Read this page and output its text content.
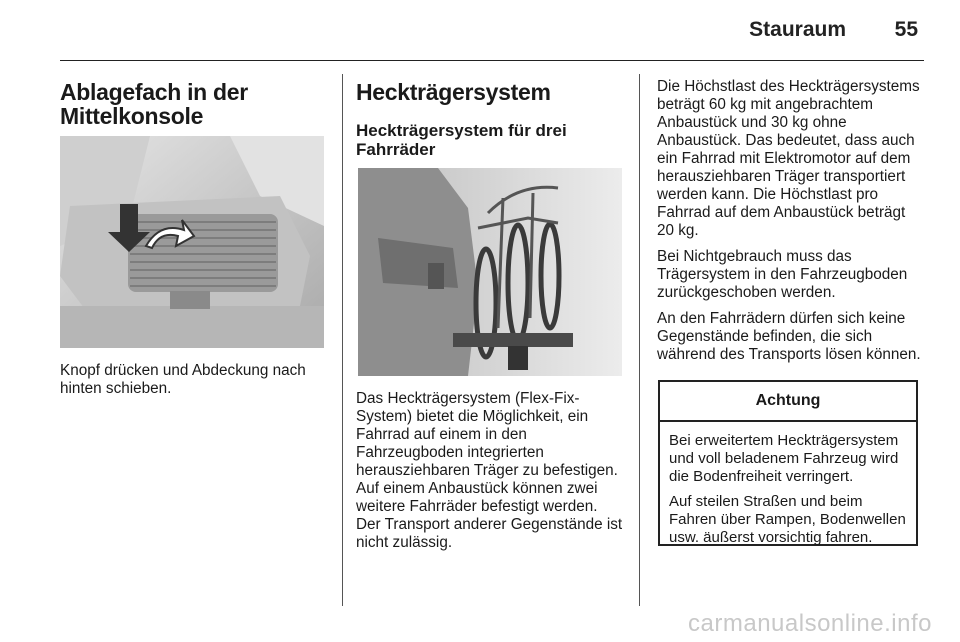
Stauraum 55
Ablagefach in der
Mittelkonsole

Knopf drücken und Abdeckung nach hinten schieben.

Heckträgersystem
Heckträgersystem für drei
Fahrräder

Das Heckträgersystem (Flex-Fix-System) bietet die Möglichkeit, ein Fahrrad auf einem in den Fahrzeugboden integrierten herausziehbaren Träger zu befestigen. Auf einem Anbaustück können zwei weitere Fahrräder befestigt werden. Der Transport anderer Gegenstände ist nicht zulässig.

Die Höchstlast des Heckträgersystems beträgt 60 kg mit angebrachtem Anbaustück und 30 kg ohne Anbaustück. Das bedeutet, dass auch ein Fahrrad mit Elektromotor auf dem herausziehbaren Träger transportiert werden kann. Die Höchstlast pro Fahrrad auf dem Anbaustück beträgt 20 kg.

Bei Nichtgebrauch muss das Trägersystem in den Fahrzeugboden zurückgeschoben werden.

An den Fahrrädern dürfen sich keine Gegenstände befinden, die sich während des Transports lösen können.

Achtung

Bei erweitertem Heckträgersystem und voll beladenem Fahrzeug wird die Bodenfreiheit verringert.

Auf steilen Straßen und beim Fahren über Rampen, Bodenwellen usw. äußerst vorsichtig fahren.

carmanualsonline.info
